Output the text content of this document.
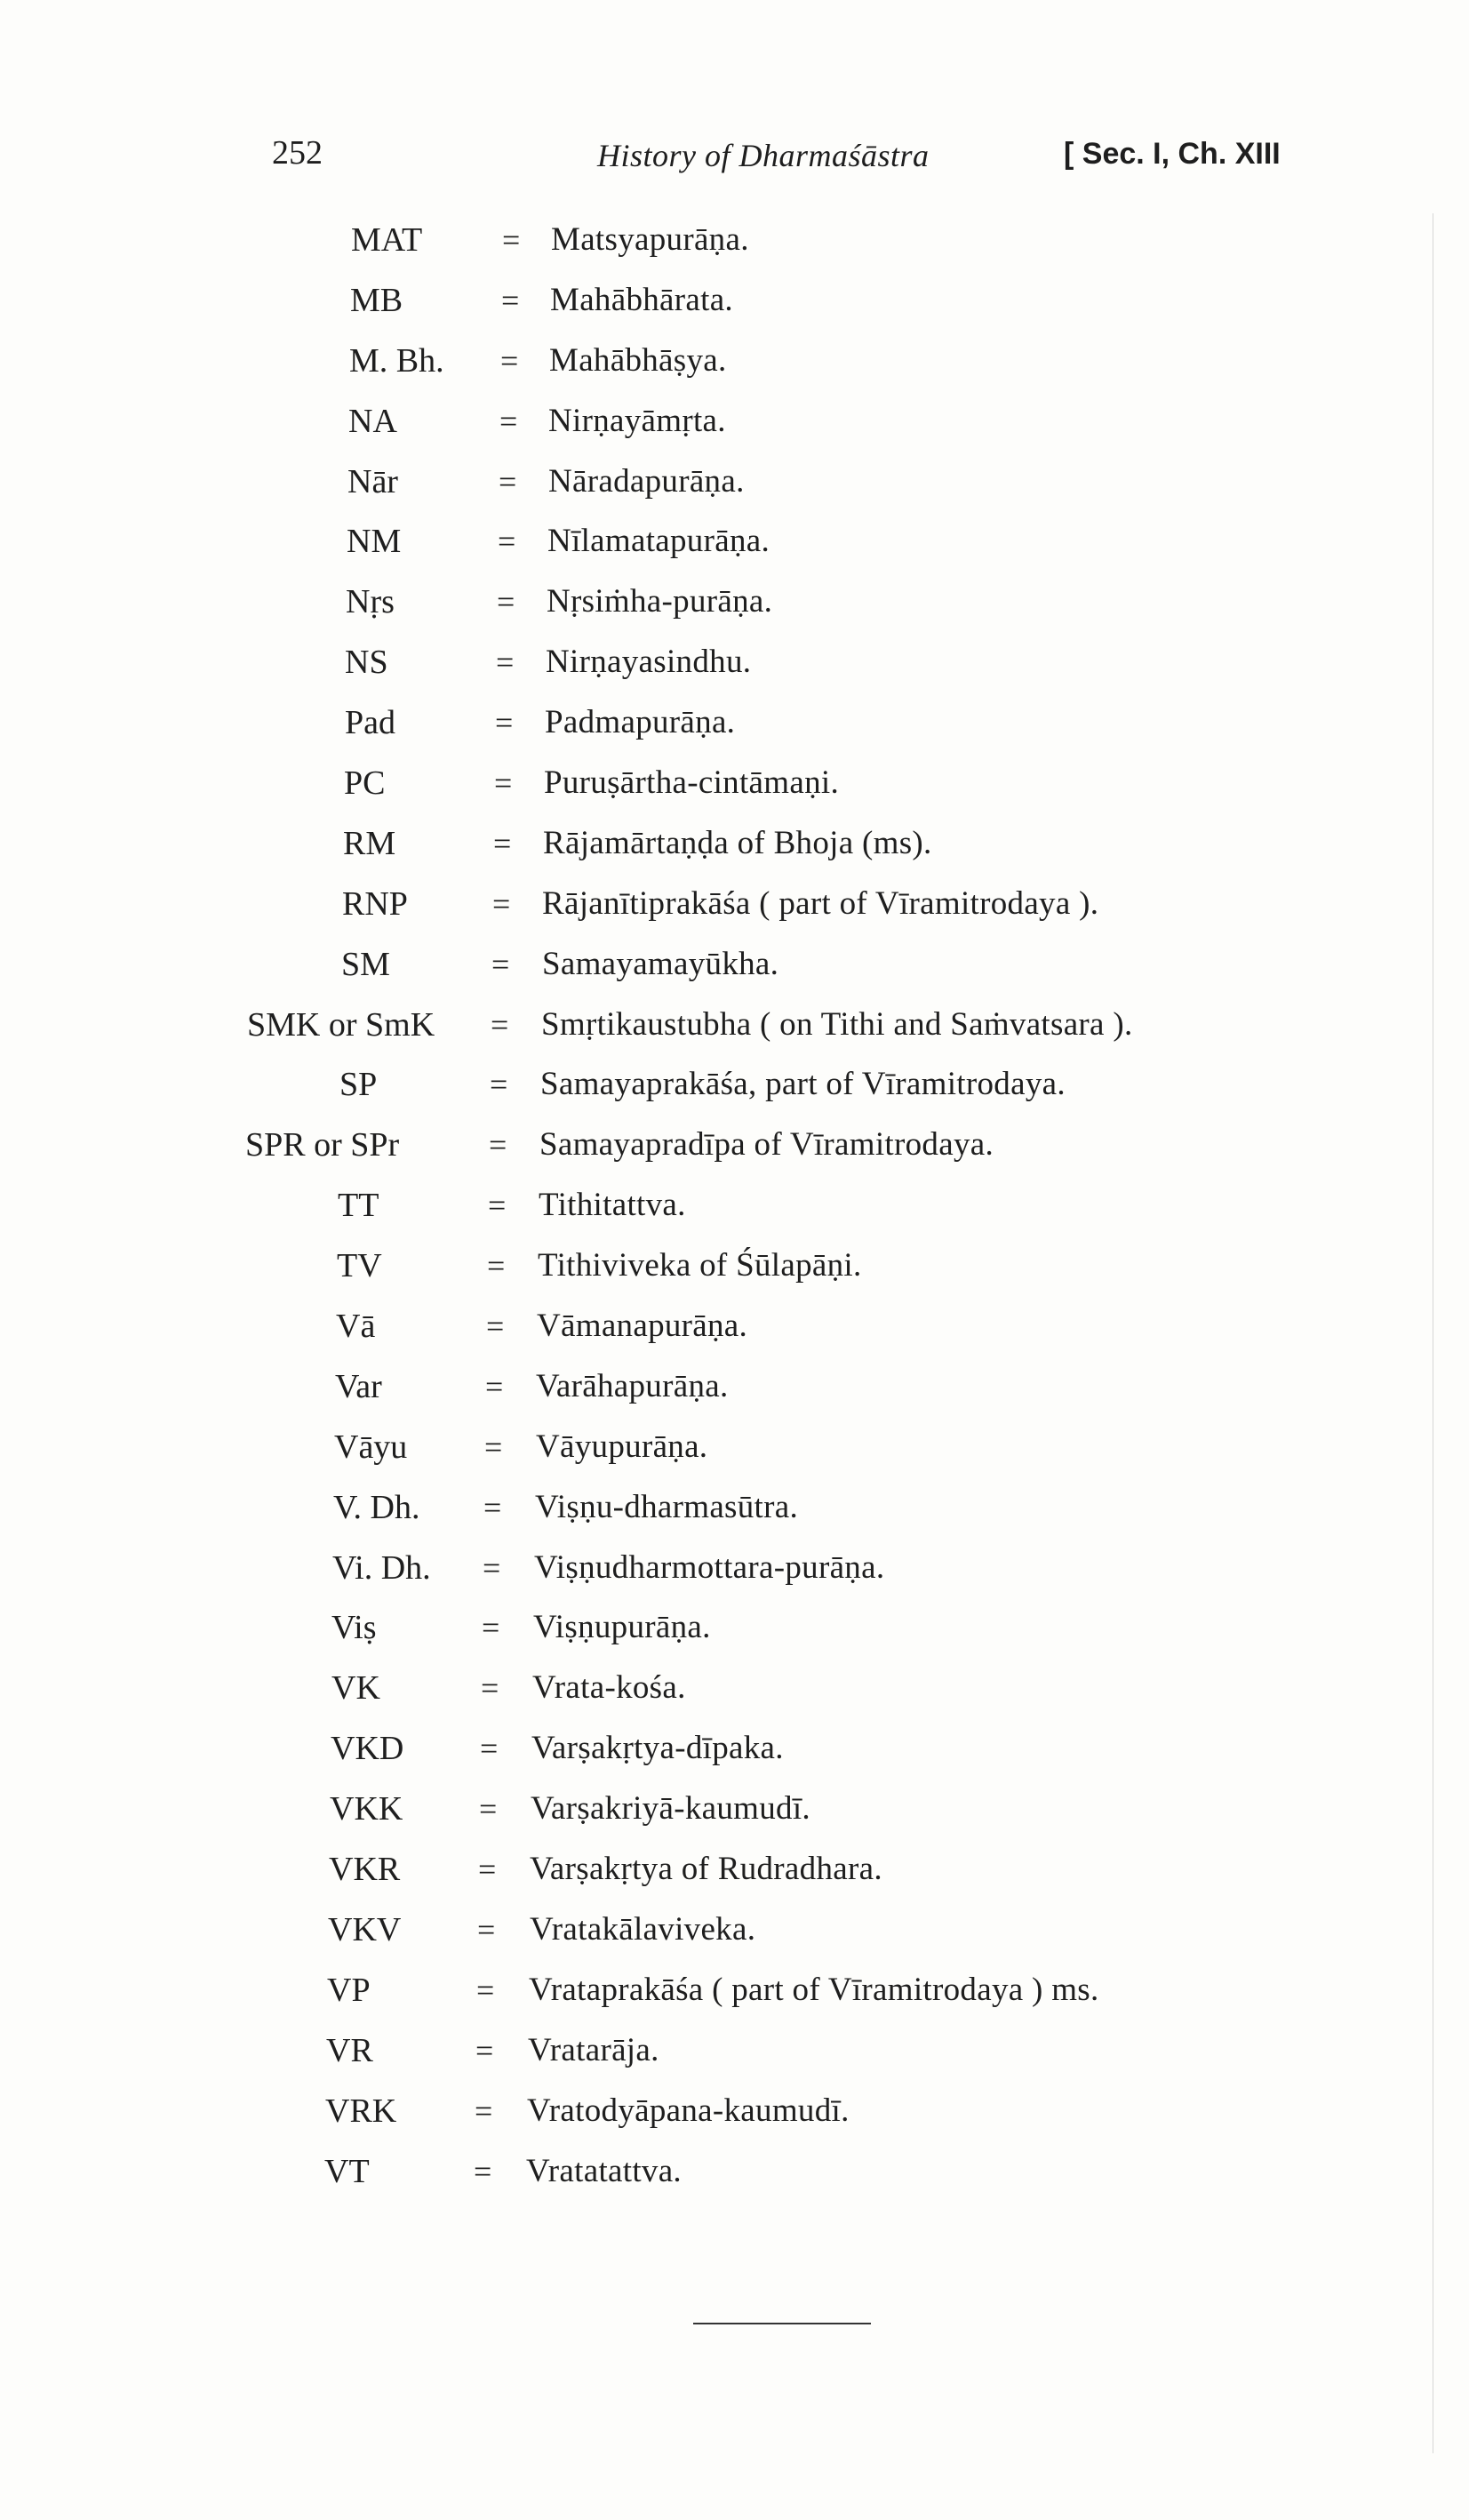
252	History of Dharmaśāstra	[ Sec. I, Ch. XIII
MAT = Matsyapurāṇa.
MB	= Mahābhārata.
M. Bh. = Mahābhāṣya.
NA	= Nirṇayāmṛta.
Nār	= Nāradapurāṇa.
NM	= Nīlamatapurāṇa.
Nṛs	= Nṛsiṁha-purāṇa.
NS	= Nirṇayasindhu.
Pad	= Padmapurāṇa.
PC	= Puruṣārtha-cintāmaṇi.
RM	= Rājamārtaṇḍa of Bhoja (ms).
RNP	= Rājanītiprakāśa ( part of Vīramitrodaya ).
SM	= Samayamayūkha.
SMK or SmK = Smṛtikaustubha ( on Tithi and Saṁvatsara ).
SP	= Samayaprakāśa, part of Vīramitrodaya.
SPR or SPr	= Samayapradīpa of Vīramitrodaya.
TT	= Tithitattva.
TV	= Tithiviveka of Śūlapāṇi.
Vā	= Vāmanapurāṇa.
Var	= Varāhapurāṇa.
Vāyu = Vāyupurāṇa.
V. Dh. = Viṣṇu-dharmasūtra.
Vi. Dh. = Viṣṇudharmottara-purāṇa.
Viṣ	= Viṣṇupurāṇa.
VK	= Vrata-kośa.
VKD = Varṣakṛtya-dīpaka.
VKK = Varṣakriyā-kaumudī.
VKR = Varṣakṛtya of Rudradhara.
VKV = Vratakālaviveka.
VP	= Vrataprakāśa ( part of Vīramitrodaya ) ms.
VR	= Vratarāja.
VRK = Vratodyāpana-kaumudī.
VT	= Vratatattva.
